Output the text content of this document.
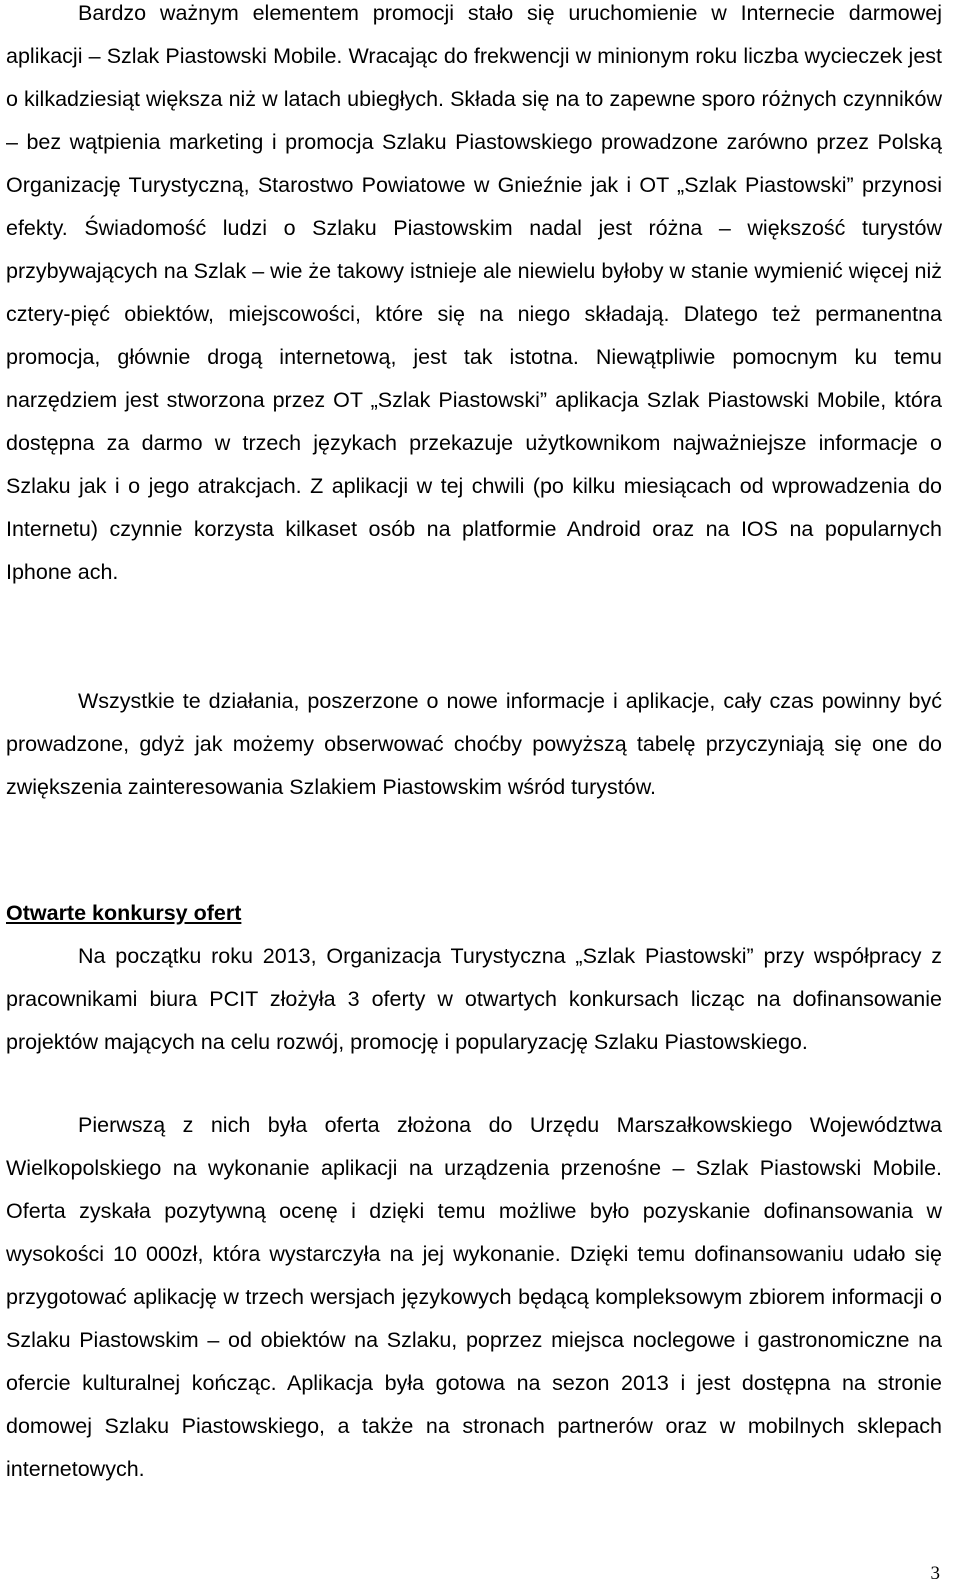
Bardzo ważnym elementem promocji stało się uruchomienie w Internecie darmowej aplikacji – Szlak Piastowski Mobile. Wracając do frekwencji w minionym roku liczba wycieczek jest o kilkadziesiąt większa niż w latach ubiegłych. Składa się na to zapewne sporo różnych czynników – bez wątpienia marketing i promocja Szlaku Piastowskiego prowadzone zarówno przez Polską Organizację Turystyczną, Starostwo Powiatowe w Gnieźnie jak i OT „Szlak Piastowski” przynosi efekty. Świadomość ludzi o Szlaku Piastowskim nadal jest różna – większość turystów przybywających na Szlak – wie że takowy istnieje ale niewielu byłoby w stanie wymienić więcej niż cztery-pięć obiektów, miejscowości, które się na niego składają. Dlatego też permanentna promocja, głównie drogą internetową, jest tak istotna. Niewątpliwie pomocnym ku temu narzędziem jest stworzona przez OT „Szlak Piastowski” aplikacja Szlak Piastowski Mobile, która dostępna za darmo w trzech językach przekazuje użytkownikom najważniejsze informacje o Szlaku jak i o jego atrakcjach. Z aplikacji w tej chwili (po kilku miesiącach od wprowadzenia do Internetu) czynnie korzysta kilkaset osób na platformie Android oraz na IOS na popularnych Iphone ach.

Wszystkie te działania, poszerzone o nowe informacje i aplikacje, cały czas powinny być prowadzone, gdyż jak możemy obserwować choćby powyższą tabelę przyczyniają się one do zwiększenia zainteresowania Szlakiem Piastowskim wśród turystów.

Otwarte konkursy ofert

Na początku roku 2013, Organizacja Turystyczna „Szlak Piastowski” przy współpracy z pracownikami biura PCIT złożyła 3 oferty w otwartych konkursach licząc na dofinansowanie projektów mających na celu rozwój, promocję i popularyzację Szlaku Piastowskiego.

Pierwszą z nich była oferta złożona do Urzędu Marszałkowskiego Województwa Wielkopolskiego na wykonanie aplikacji na urządzenia przenośne – Szlak Piastowski Mobile. Oferta zyskała pozytywną ocenę i dzięki temu możliwe było pozyskanie dofinansowania w wysokości 10 000zł, która wystarczyła na jej wykonanie. Dzięki temu dofinansowaniu udało się przygotować aplikację w trzech wersjach językowych będącą kompleksowym zbiorem informacji o Szlaku Piastowskim – od obiektów na Szlaku, poprzez miejsca noclegowe i gastronomiczne na ofercie kulturalnej kończąc. Aplikacja była gotowa na sezon 2013 i jest dostępna na stronie domowej Szlaku Piastowskiego, a także na stronach partnerów oraz w mobilnych sklepach internetowych.

3
